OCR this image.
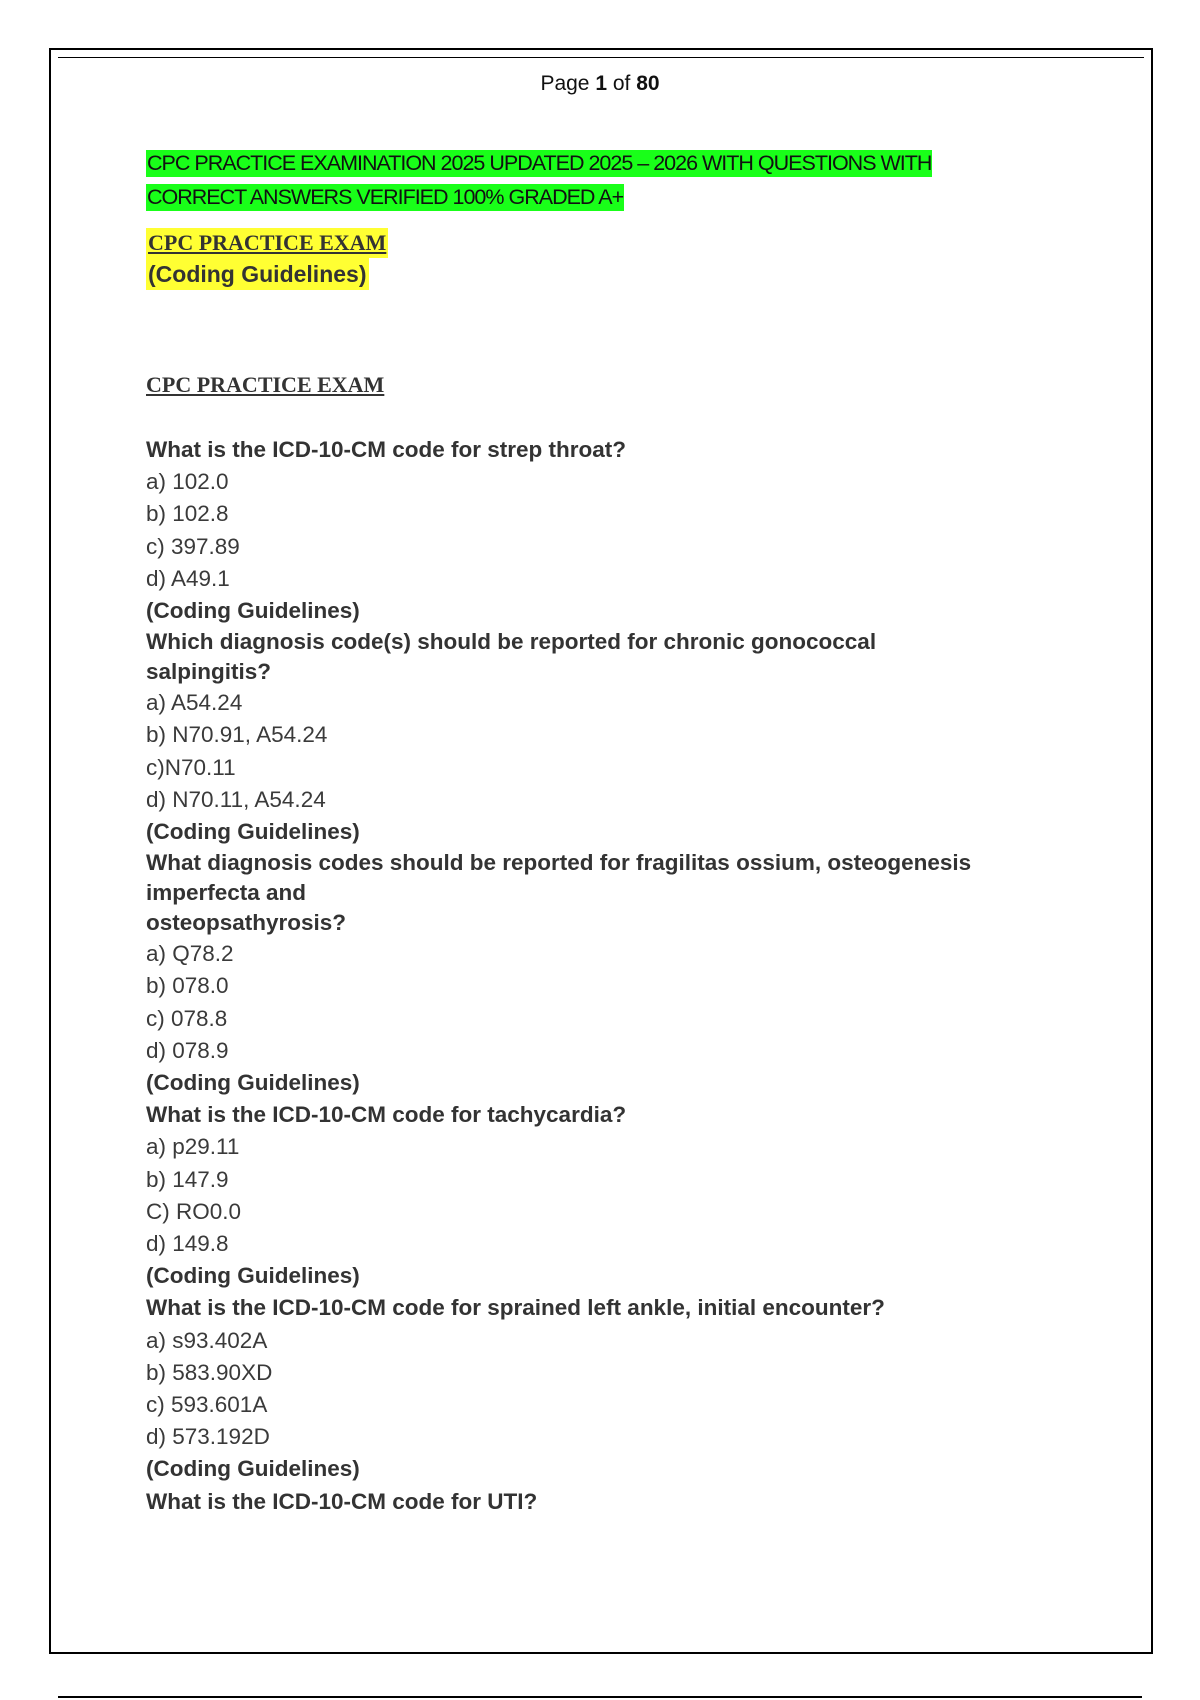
Page 1 of 80

CPC PRACTICE EXAMINATION 2025 UPDATED 2025 – 2026 WITH QUESTIONS WITH
CORRECT ANSWERS VERIFIED 100% GRADED A+

CPC PRACTICE EXAM
(Coding Guidelines)
CPC PRACTICE EXAM
What is the ICD-10-CM code for strep throat?
a) 102.0
b) 102.8
c) 397.89
d) A49.1
(Coding Guidelines)
Which diagnosis code(s) should be reported for chronic gonococcal salpingitis?
a) A54.24
b) N70.91, A54.24
c)N70.11
d) N70.11, A54.24
(Coding Guidelines)
What diagnosis codes should be reported for fragilitas ossium, osteogenesis
imperfecta and
osteopsathyrosis?
a) Q78.2
b) 078.0
c) 078.8
d) 078.9
(Coding Guidelines)
What is the ICD-10-CM code for tachycardia?
a) p29.11
b) 147.9
C) RO0.0
d) 149.8
(Coding Guidelines)
What is the ICD-10-CM code for sprained left ankle, initial encounter?
a) s93.402A
b) 583.90XD
c) 593.601A
d) 573.192D
(Coding Guidelines)
What is the ICD-10-CM code for UTI?
